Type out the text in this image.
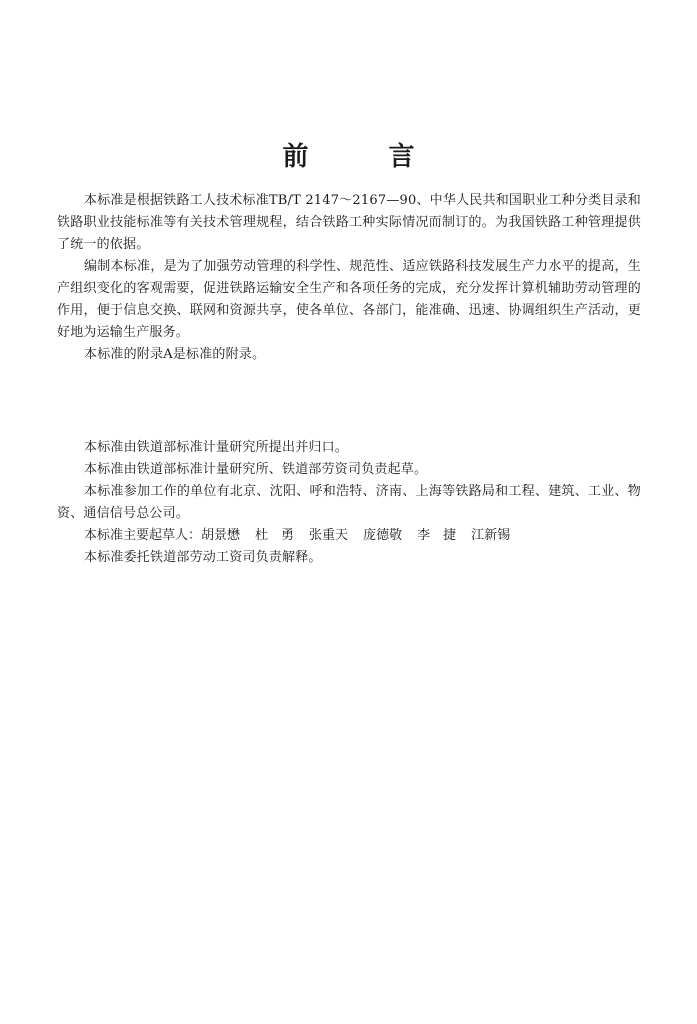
前	言

本标准是根据铁路工人技术标准TB/T 2147～2167—90、中华人民共和国职业工种分类目录和铁路职业技能标准等有关技术管理规程，结合铁路工种实际情况而制订的。为我国铁路工种管理提供了统一的依据。

编制本标准，是为了加强劳动管理的科学性、规范性、适应铁路科技发展生产力水平的提高，生产组织变化的客观需要，促进铁路运输安全生产和各项任务的完成，充分发挥计算机辅助劳动管理的作用，便于信息交换、联网和资源共享，使各单位、各部门，能准确、迅速、协调组织生产活动，更好地为运输生产服务。

本标准的附录A是标准的附录。

本标准由铁道部标准计量研究所提出并归口。

本标准由铁道部标准计量研究所、铁道部劳资司负责起草。

本标准参加工作的单位有北京、沈阳、呼和浩特、济南、上海等铁路局和工程、建筑、工业、物资、通信信号总公司。

本标准主要起草人：胡景懋 杜　勇 张重天 庞德敬 李　捷 江新锡

本标准委托铁道部劳动工资司负责解释。
